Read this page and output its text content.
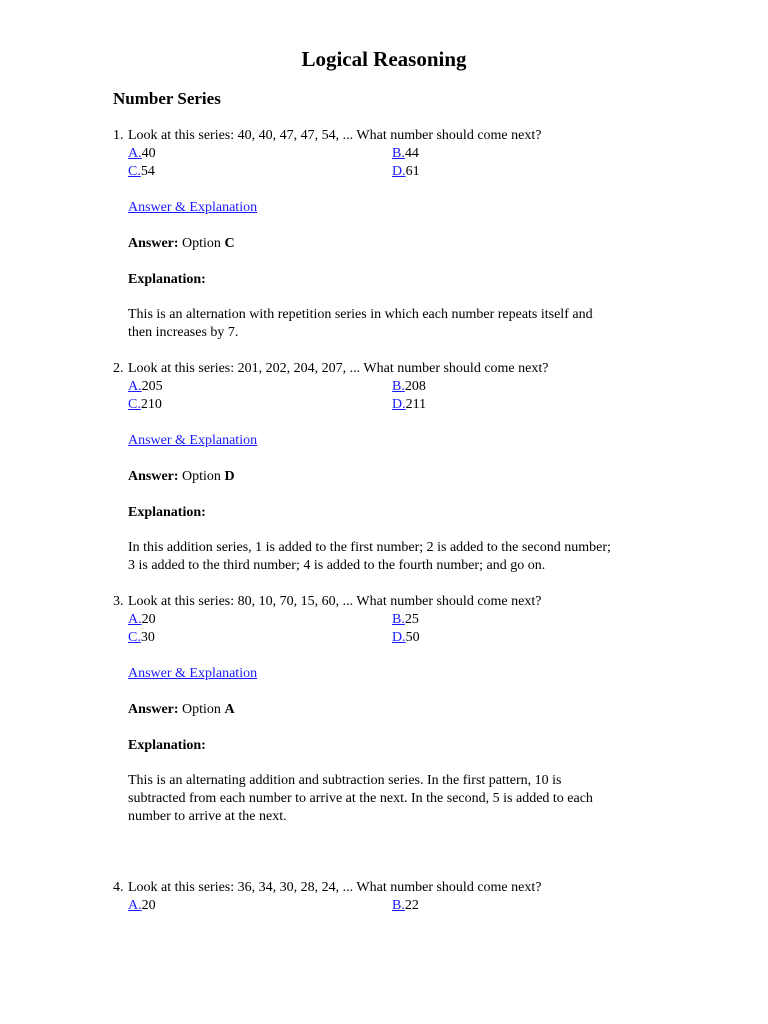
Logical Reasoning
Number Series
1. Look at this series: 40, 40, 47, 47, 54, ... What number should come next?
A.40	B.44
C.54	D.61
Answer & Explanation
Answer: Option C
Explanation:
This is an alternation with repetition series in which each number repeats itself and
then increases by 7.
2. Look at this series: 201, 202, 204, 207, ... What number should come next?
A.205	B.208
C.210	D.211
Answer & Explanation
Answer: Option D
Explanation:
In this addition series, 1 is added to the first number; 2 is added to the second number;
3 is added to the third number; 4 is added to the fourth number; and go on.
3. Look at this series: 80, 10, 70, 15, 60, ... What number should come next?
A.20	B.25
C.30	D.50
Answer & Explanation
Answer: Option A
Explanation:
This is an alternating addition and subtraction series. In the first pattern, 10 is
subtracted from each number to arrive at the next. In the second, 5 is added to each
number to arrive at the next.
4. Look at this series: 36, 34, 30, 28, 24, ... What number should come next?
A.20	B.22
